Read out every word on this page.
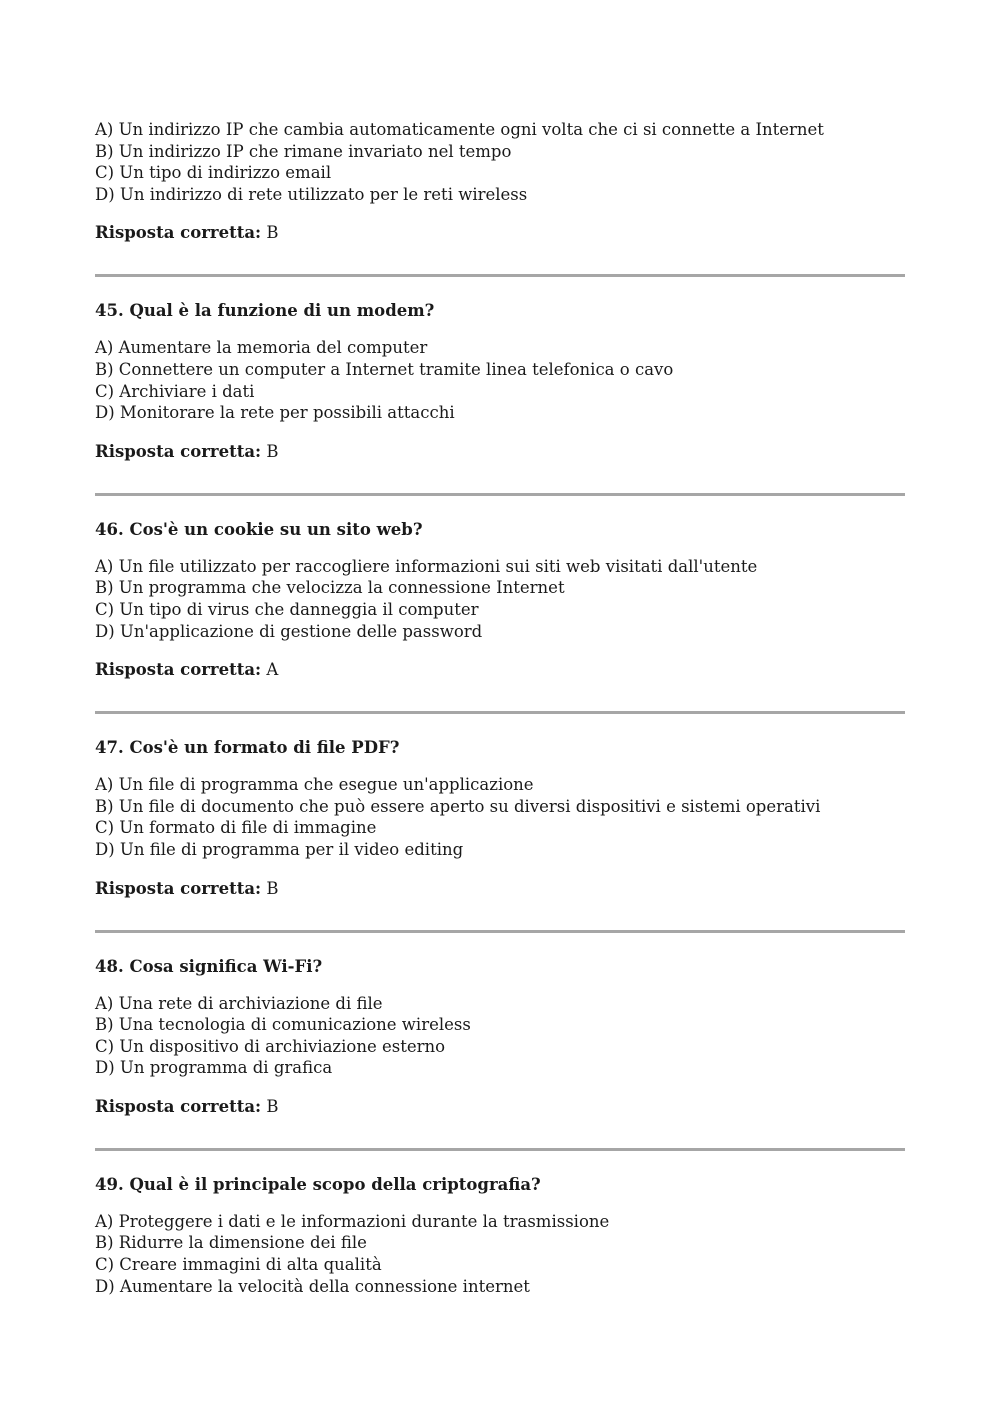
A) Un indirizzo IP che cambia automaticamente ogni volta che ci si connette a Internet
B) Un indirizzo IP che rimane invariato nel tempo
C) Un tipo di indirizzo email
D) Un indirizzo di rete utilizzato per le reti wireless
Risposta corretta: B
45. Qual è la funzione di un modem?
A) Aumentare la memoria del computer
B) Connettere un computer a Internet tramite linea telefonica o cavo
C) Archiviare i dati
D) Monitorare la rete per possibili attacchi
Risposta corretta: B
46. Cos'è un cookie su un sito web?
A) Un file utilizzato per raccogliere informazioni sui siti web visitati dall'utente
B) Un programma che velocizza la connessione Internet
C) Un tipo di virus che danneggia il computer
D) Un'applicazione di gestione delle password
Risposta corretta: A
47. Cos'è un formato di file PDF?
A) Un file di programma che esegue un'applicazione
B) Un file di documento che può essere aperto su diversi dispositivi e sistemi operativi
C) Un formato di file di immagine
D) Un file di programma per il video editing
Risposta corretta: B
48. Cosa significa Wi-Fi?
A) Una rete di archiviazione di file
B) Una tecnologia di comunicazione wireless
C) Un dispositivo di archiviazione esterno
D) Un programma di grafica
Risposta corretta: B
49. Qual è il principale scopo della criptografia?
A) Proteggere i dati e le informazioni durante la trasmissione
B) Ridurre la dimensione dei file
C) Creare immagini di alta qualità
D) Aumentare la velocità della connessione internet
